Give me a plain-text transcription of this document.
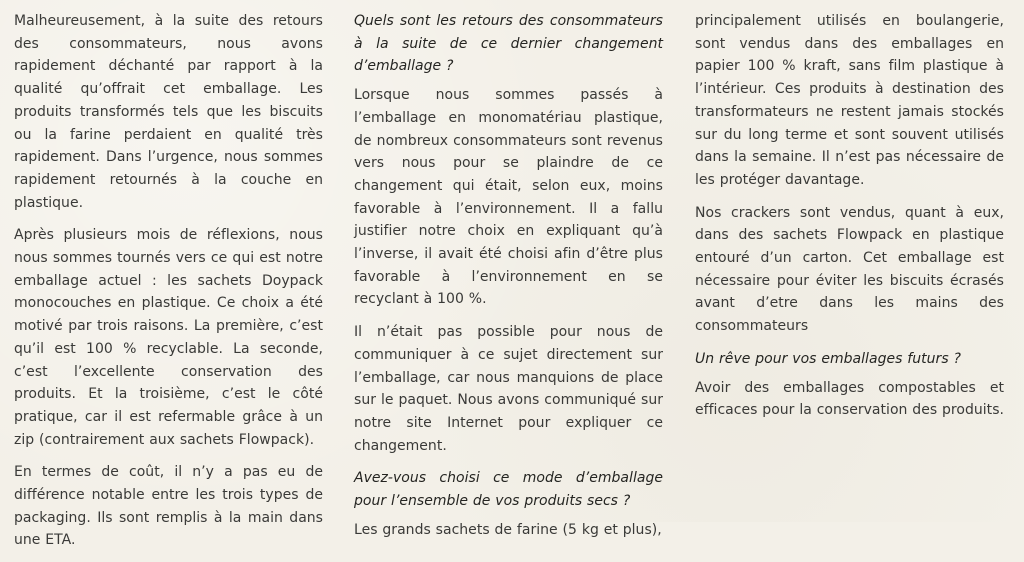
Malheureusement, à la suite des retours des consommateurs, nous avons rapidement déchanté par rapport à la qualité qu’offrait cet emballage. Les produits transformés tels que les biscuits ou la farine perdaient en qualité très rapidement. Dans l’urgence, nous sommes rapidement retournés à la couche en plastique.

Après plusieurs mois de réflexions, nous nous sommes tournés vers ce qui est notre emballage actuel : les sachets Doypack monocouches en plastique. Ce choix a été motivé par trois raisons. La première, c’est qu’il est 100 % recyclable. La seconde, c’est l’excellente conservation des produits. Et la troisième, c’est le côté pratique, car il est refermable grâce à un zip (contrairement aux sachets Flowpack).

En termes de coût, il n’y a pas eu de différence notable entre les trois types de packaging. Ils sont remplis à la main dans une ETA.

Quels sont les retours des consommateurs à la suite de ce dernier changement d’emballage ?

Lorsque nous sommes passés à l’emballage en monomatériau plastique, de nombreux consommateurs sont revenus vers nous pour se plaindre de ce changement qui était, selon eux, moins favorable à l’environnement. Il a fallu justifier notre choix en expliquant qu’à l’inverse, il avait été choisi afin d’être plus favorable à l’environnement en se recyclant à 100 %.

Il n’était pas possible pour nous de communiquer à ce sujet directement sur l’emballage, car nous manquions de place sur le paquet. Nous avons communiqué sur notre site Internet pour expliquer ce changement.

Avez-vous choisi ce mode d’emballage pour l’ensemble de vos produits secs ?

Les grands sachets de farine (5 kg et plus),

principalement utilisés en boulangerie, sont vendus dans des emballages en papier 100 % kraft, sans film plastique à l’intérieur. Ces produits à destination des transformateurs ne restent jamais stockés sur du long terme et sont souvent utilisés dans la semaine. Il n’est pas nécessaire de les protéger davantage.

Nos crackers sont vendus, quant à eux, dans des sachets Flowpack en plastique entouré d’un carton. Cet emballage est nécessaire pour éviter les biscuits écrasés avant d’etre dans les mains des consommateurs

Un rêve pour vos emballages futurs ?

Avoir des emballages compostables et efficaces pour la conservation des produits.
